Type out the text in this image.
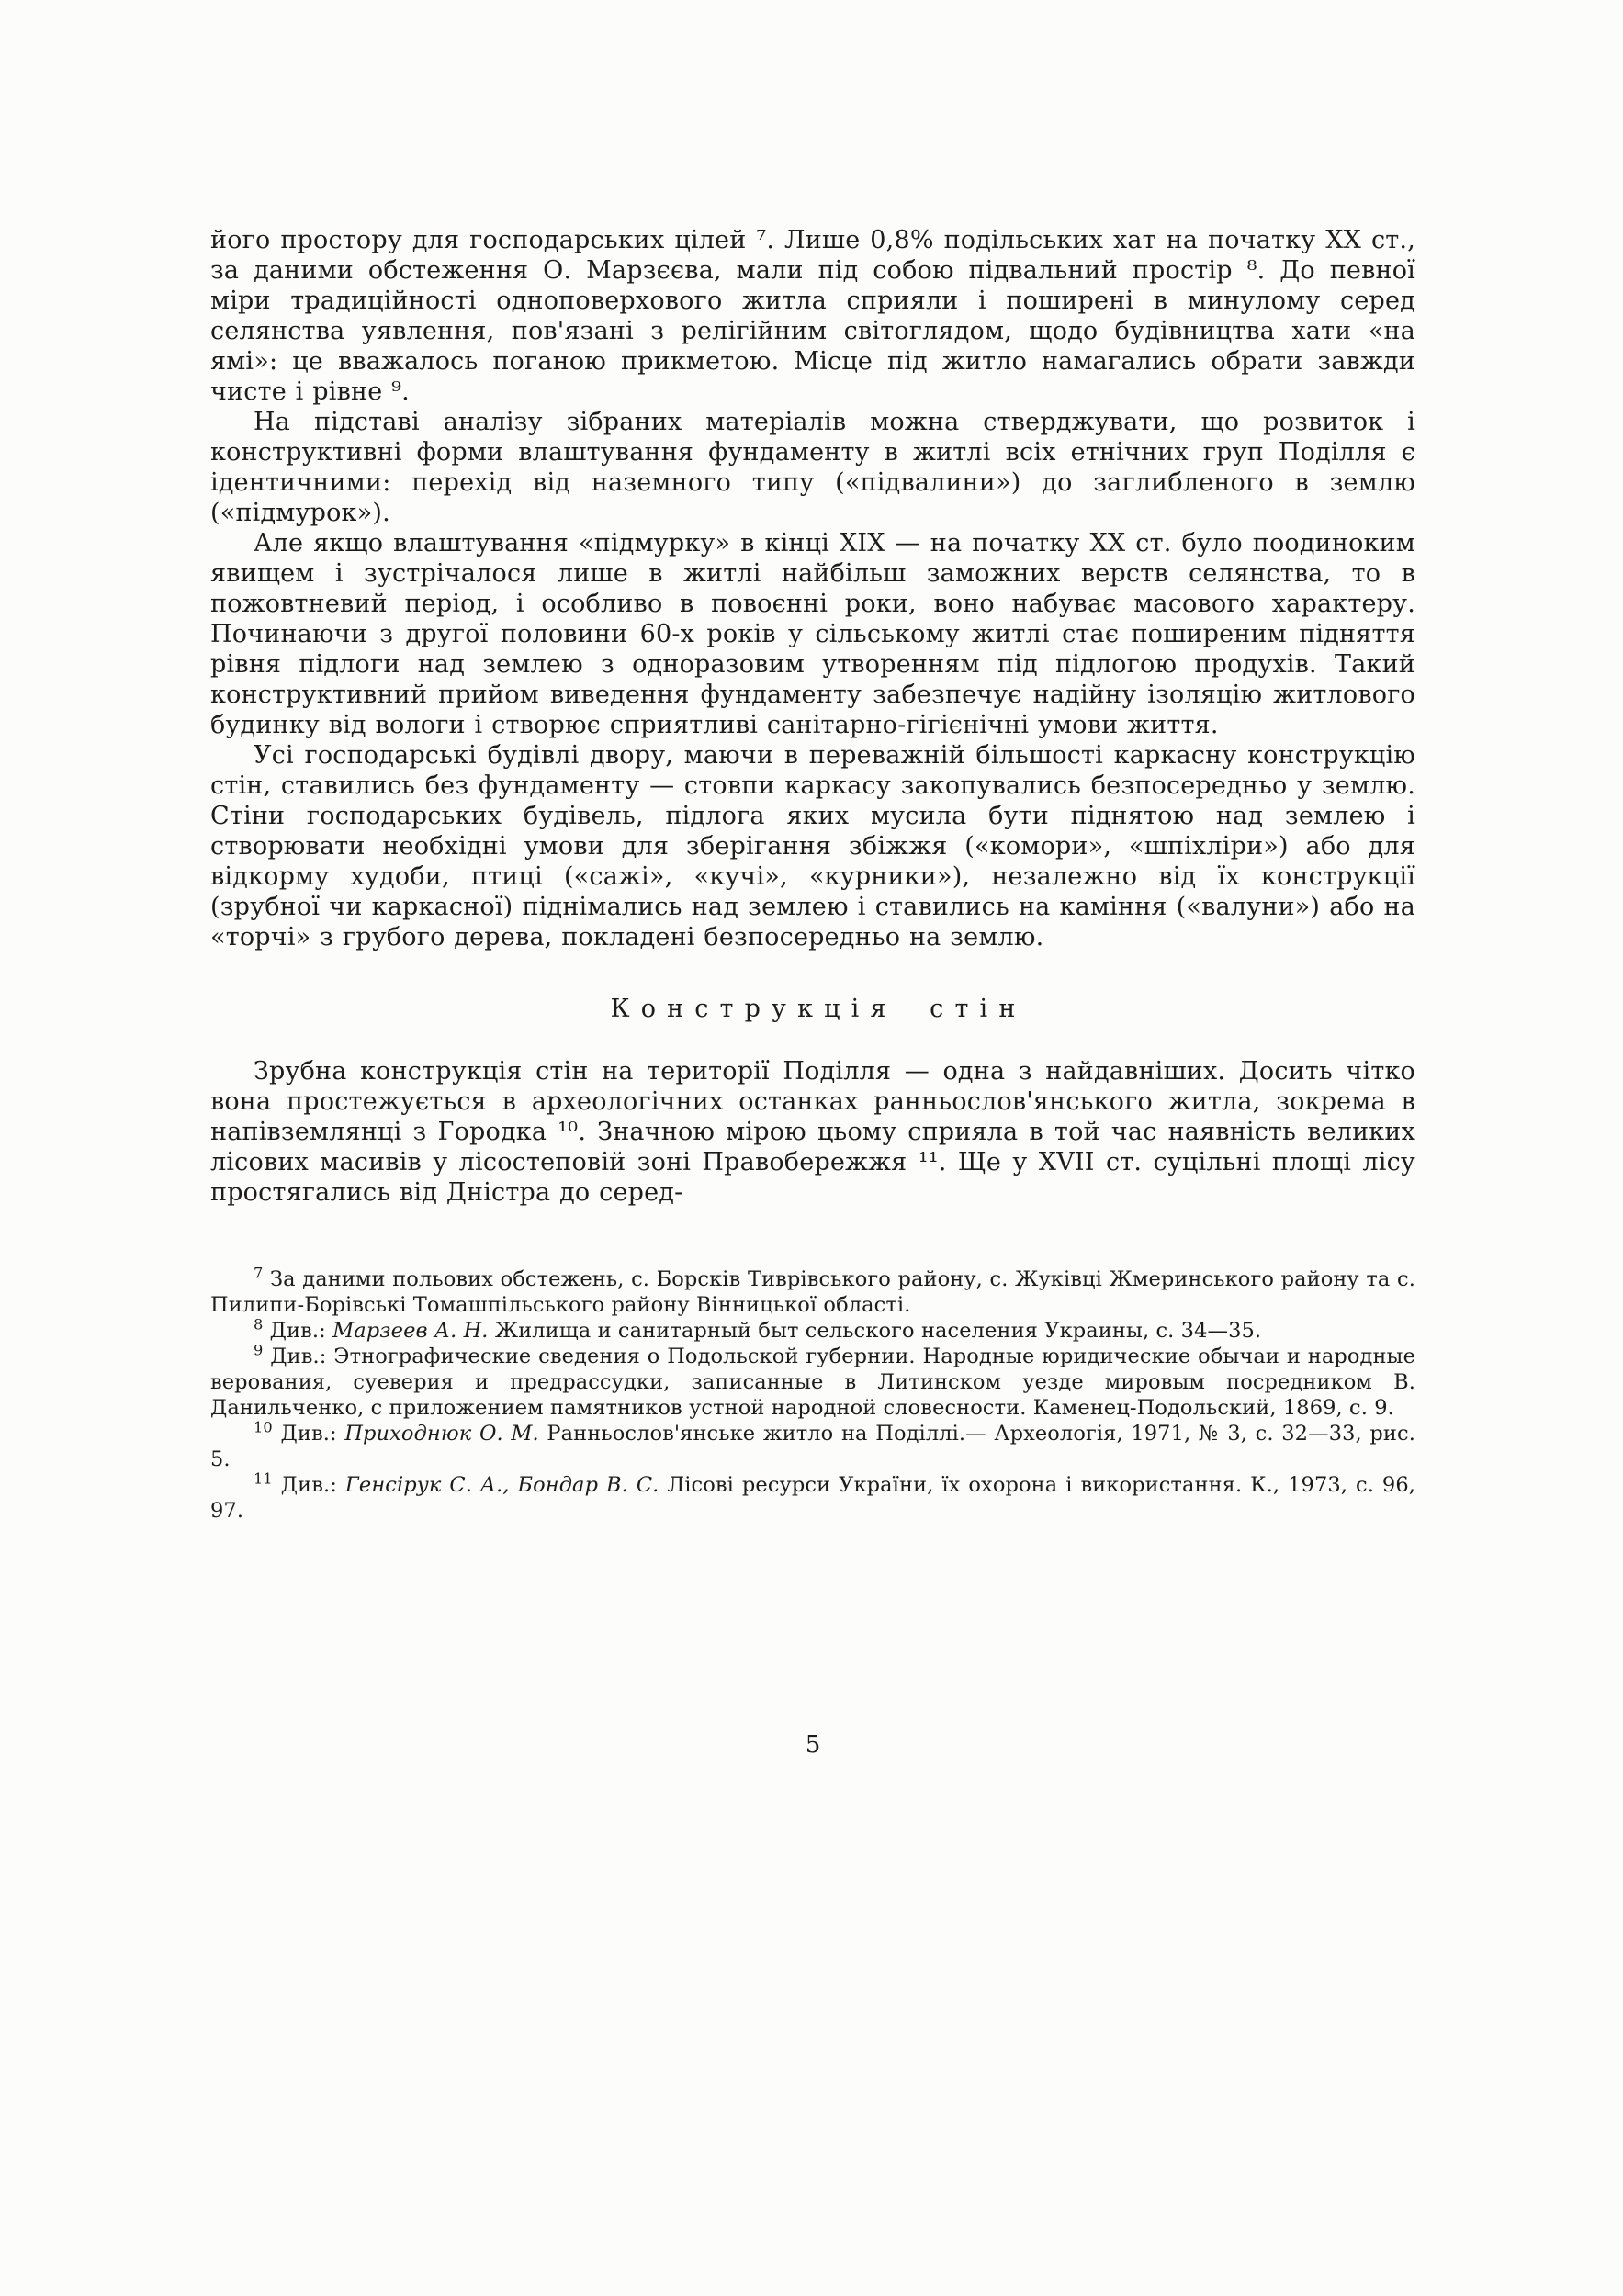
його простору для господарських цілей ⁷. Лише 0,8% подільських хат на початку XX ст., за даними обстеження О. Марзєєва, мали під собою підвальний простір ⁸. До певної міри традиційності одноповерхового житла сприяли і поширені в минулому серед селянства уявлення, пов'язані з релігійним світоглядом, щодо будівництва хати «на ямі»: це вважалось поганою прикметою. Місце під житло намагались обрати завжди чисте і рівне ⁹.

На підставі аналізу зібраних матеріалів можна стверджувати, що розвиток і конструктивні форми влаштування фундаменту в житлі всіх етнічних груп Поділля є ідентичними: перехід від наземного типу («підвалини») до заглибленого в землю («підмурок»).

Але якщо влаштування «підмурку» в кінці XIX — на початку XX ст. було поодиноким явищем і зустрічалося лише в житлі найбільш заможних верств селянства, то в пожовтневий період, і особливо в повоєнні роки, воно набуває масового характеру. Починаючи з другої половини 60-х років у сільському житлі стає поширеним підняття рівня підлоги над землею з одноразовим утворенням під підлогою продухів. Такий конструктивний прийом виведення фундаменту забезпечує надійну ізоляцію житлового будинку від вологи і створює сприятливі санітарно-гігієнічні умови життя.

Усі господарські будівлі двору, маючи в переважній більшості каркасну конструкцію стін, ставились без фундаменту — стовпи каркасу закопувались безпосередньо у землю. Стіни господарських будівель, підлога яких мусила бути піднятою над землею і створювати необхідні умови для зберігання збіжжя («комори», «шпіхліри») або для відкорму худоби, птиці («сажі», «кучі», «курники»), незалежно від їх конструкції (зрубної чи каркасної) піднімались над землею і ставились на каміння («валуни») або на «торчі» з грубого дерева, покладені безпосередньо на землю.

Конструкція стін

Зрубна конструкція стін на території Поділля — одна з найдавніших. Досить чітко вона простежується в археологічних останках ранньослов'янського житла, зокрема в напівземлянці з Городка ¹⁰. Значною мірою цьому сприяла в той час наявність великих лісових масивів у лісостеповій зоні Правобережжя ¹¹. Ще у XVII ст. суцільні площі лісу простягались від Дністра до серед-

$^7$ За даними польових обстежень, с. Борсків Тиврівського району, с. Жуківці Жмеринського району та с. Пилипи-Борівські Томашпільського району Вінницької області.

$^8$ Див.: Марзеев А. Н. Жилища и санитарный быт сельского населения Украины, с. 34—35.

$^9$ Див.: Этнографические сведения о Подольской губернии. Народные юридические обычаи и народные верования, суеверия и предрассудки, записанные в Литинском уезде мировым посредником В. Данильченко, с приложением памятников устной народной словесности. Каменец-Подольский, 1869, с. 9.

$^{10}$ Див.: Приходнюк О. М. Ранньослов'янське житло на Поділлі.— Археологія, 1971, № 3, с. 32—33, рис. 5.

$^{11}$ Див.: Генсірук С. А., Бондар В. С. Лісові ресурси України, їх охорона і використання. К., 1973, с. 96, 97.

5
